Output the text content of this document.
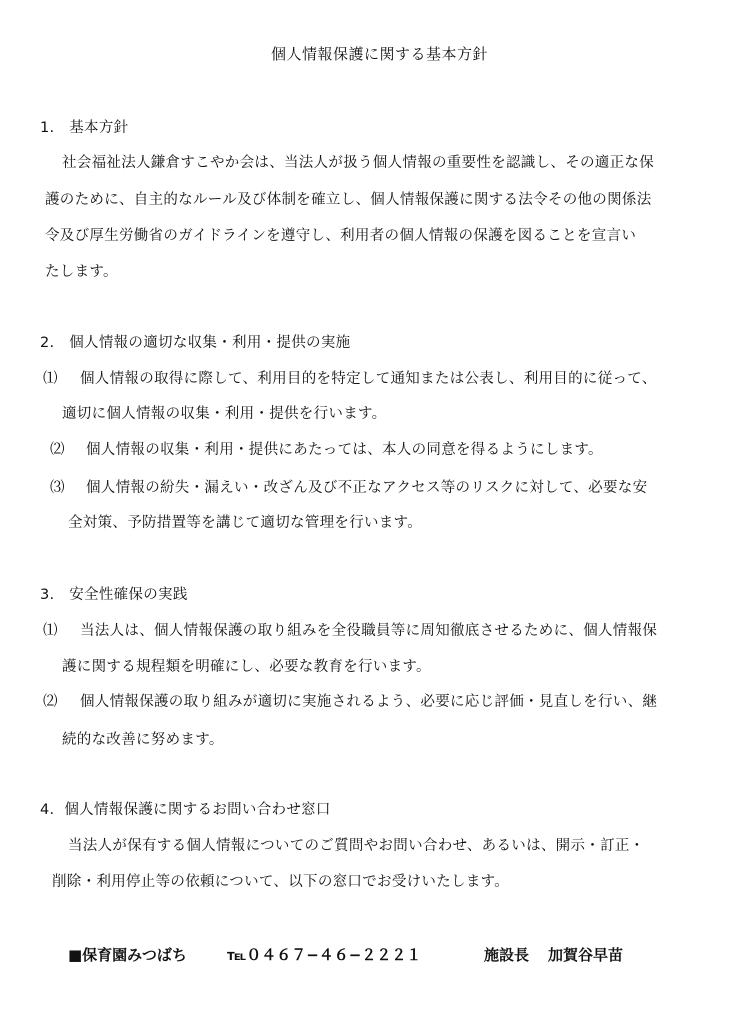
個人情報保護に関する基本方針
1.　基本方針
社会福祉法人鎌倉すこやか会は、当法人が扱う個人情報の重要性を認識し、その適正な保
護のために、自主的なルール及び体制を確立し、個人情報保護に関する法令その他の関係法
令及び厚生労働省のガイドラインを遵守し、利用者の個人情報の保護を図ることを宣言い
たします。
2.　個人情報の適切な収集・利用・提供の実施
⑴ 個人情報の取得に際して、利用目的を特定して通知または公表し、利用目的に従って、
適切に個人情報の収集・利用・提供を行います。
⑵ 個人情報の収集・利用・提供にあたっては、本人の同意を得るようにします。
⑶ 個人情報の紛失・漏えい・改ざん及び不正なアクセス等のリスクに対して、必要な安
全対策、予防措置等を講じて適切な管理を行います。
3.　安全性確保の実践
⑴ 当法人は、個人情報保護の取り組みを全役職員等に周知徹底させるために、個人情報保
護に関する規程類を明確にし、必要な教育を行います。
⑵ 個人情報保護の取り組みが適切に実施されるよう、必要に応じ評価・見直しを行い、継
続的な改善に努めます。
4．個人情報保護に関するお問い合わせ窓口
当法人が保有する個人情報についてのご質問やお問い合わせ、あるいは、開示・訂正・
削除・利用停止等の依頼について、以下の窓口でお受けいたします。
■保育園みつばち	℡０４６７−４６−２２２１	施設長 加賀谷早苗
